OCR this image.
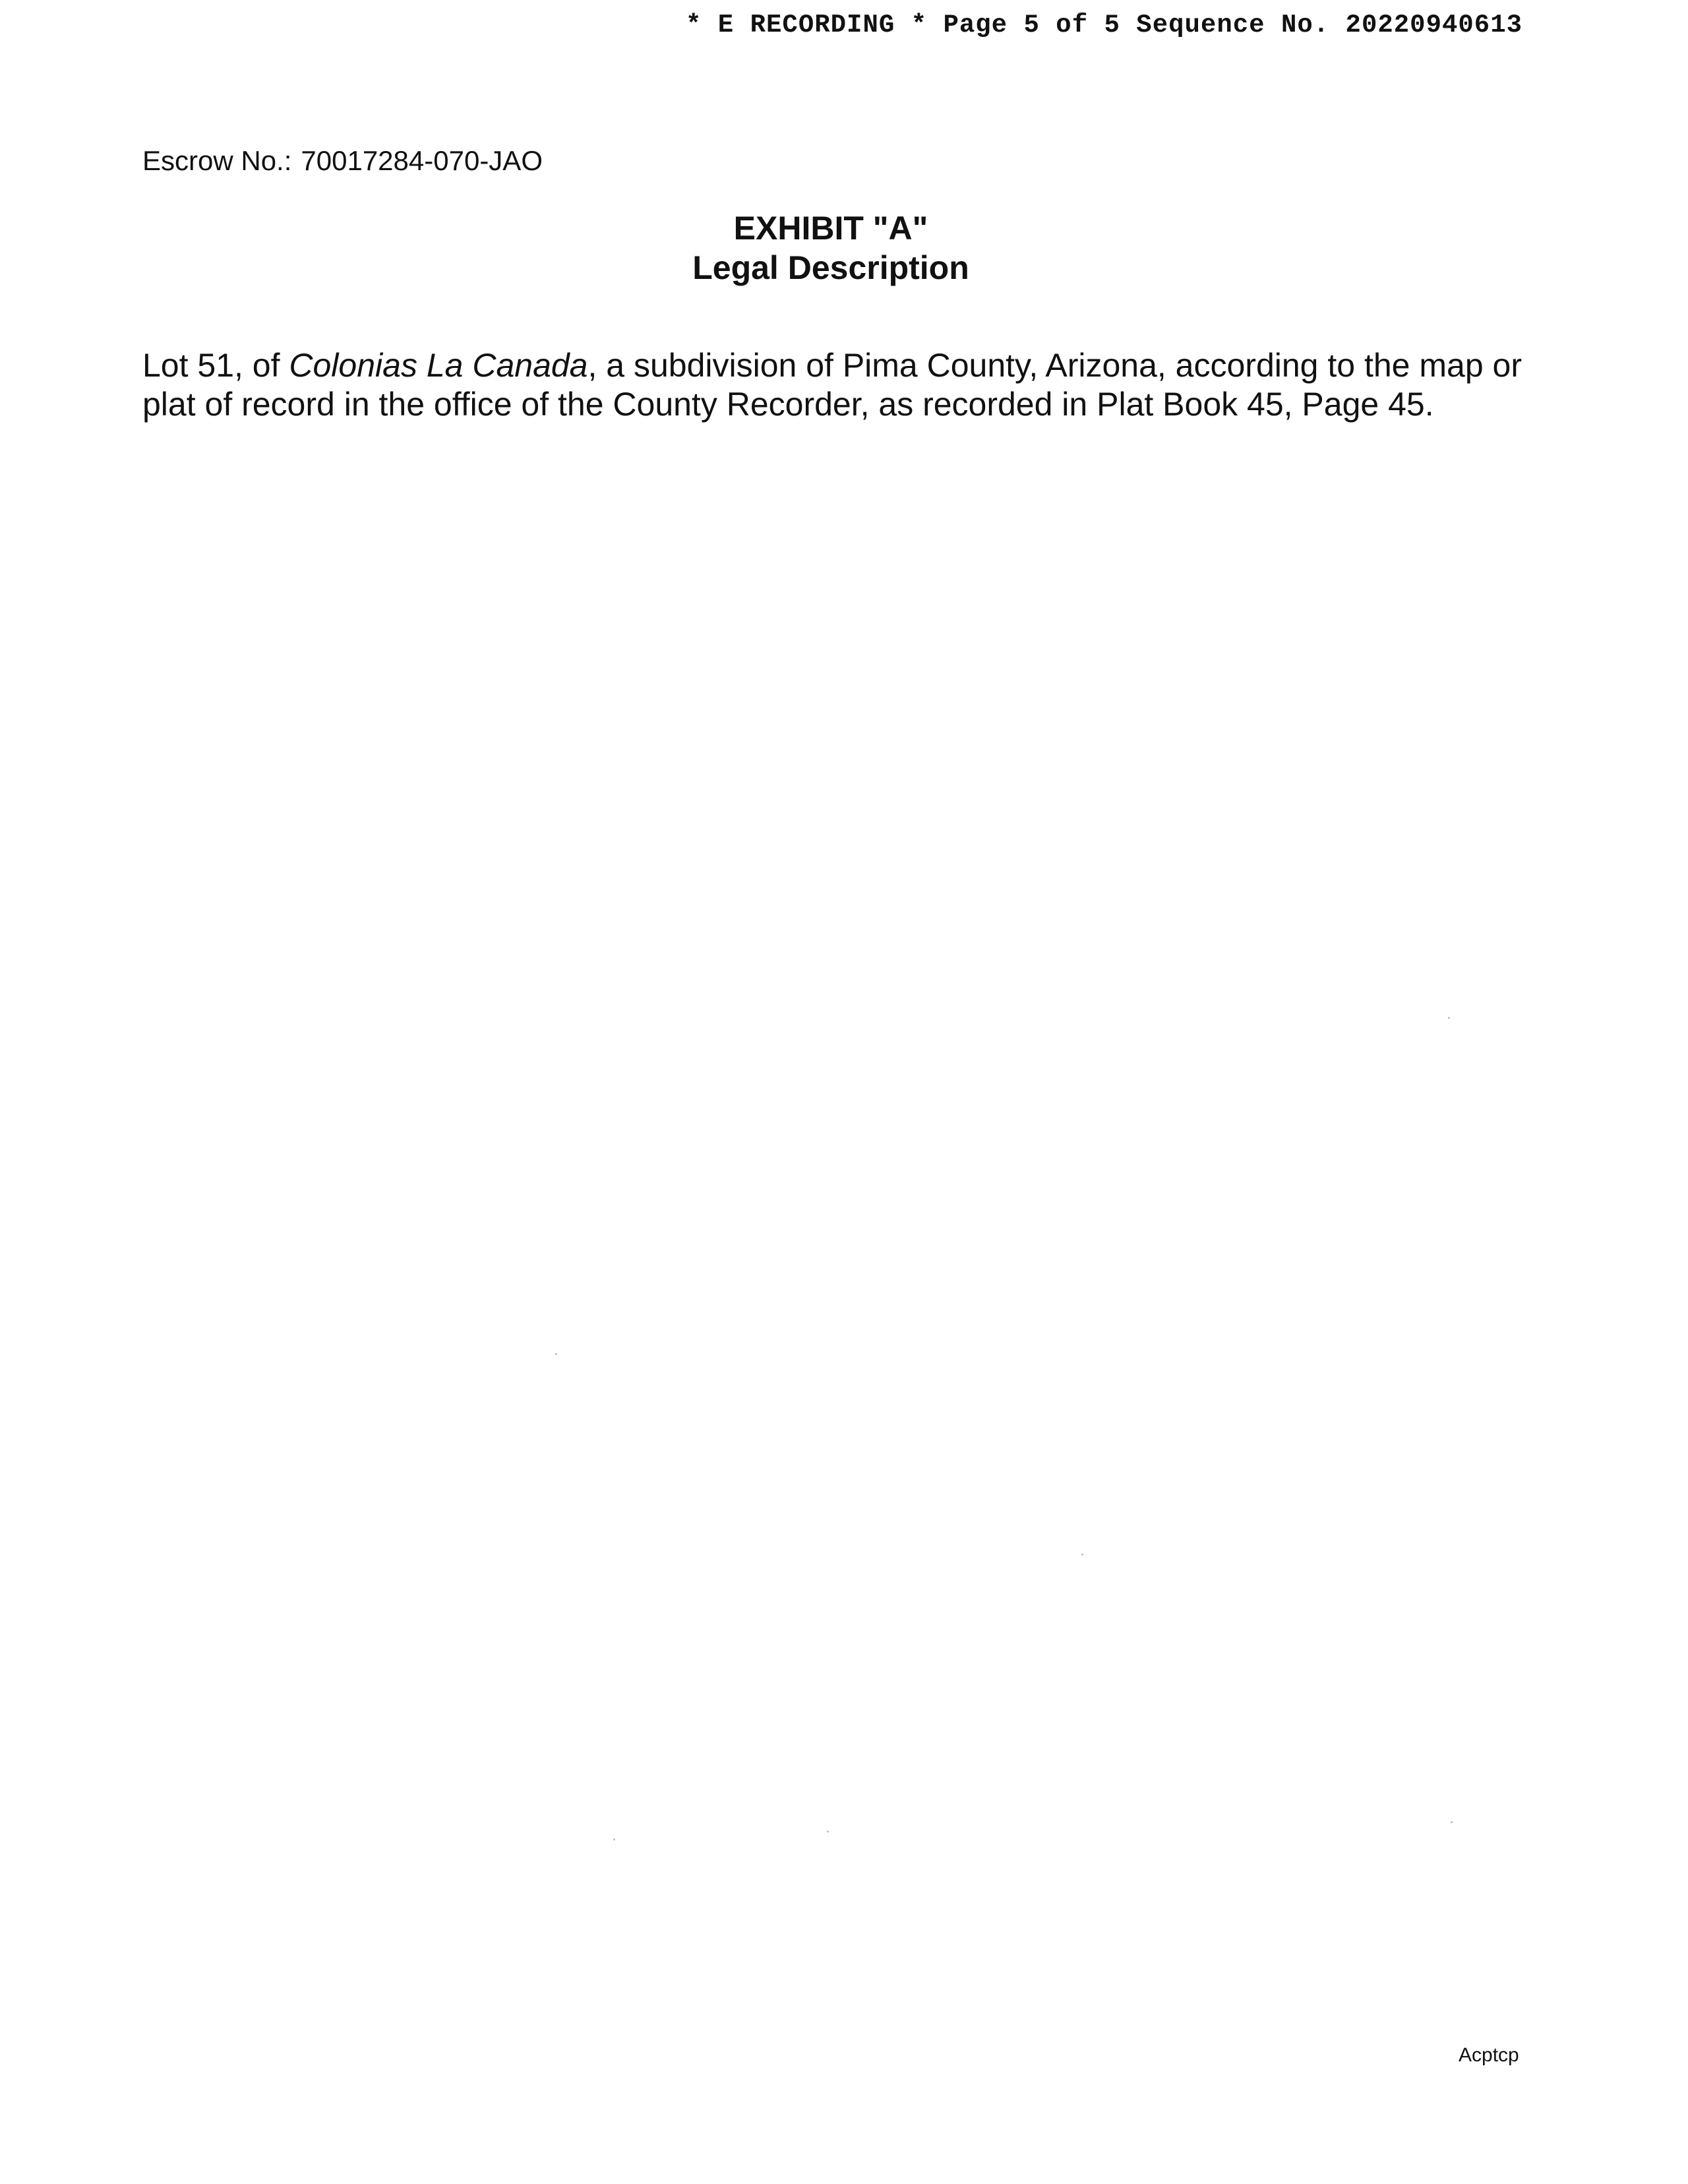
* E RECORDING * Page 5 of 5 Sequence No. 20220940613
Escrow No.: 70017284-070-JAO
EXHIBIT "A"
Legal Description
Lot 51, of Colonias La Canada, a subdivision of Pima County, Arizona, according to the map or plat of record in the office of the County Recorder, as recorded in Plat Book 45, Page 45.
Acptcp
